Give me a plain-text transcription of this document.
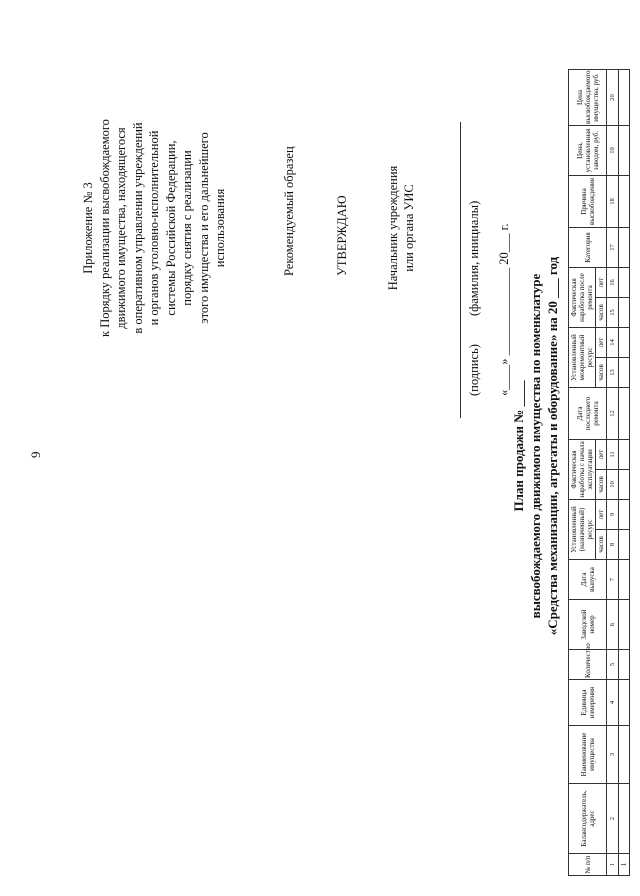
9
Приложение № 3 к Порядку реализации высвобождаемого движимого имущества, находящегося в оперативном управлении учреждений и органов уголовно-исполнительной системы Российской Федерации, порядку снятия с реализации этого имущества и его дальнейшего использования	Рекомендуемый образец	УТВЕРЖДАЮ	Начальник учреждения или органа УИС
(подпись)
(фамилия, инициалы) «____» ______________ 20___ г.
План продажи № ____ высвобождаемого движимого имущества по номенклатуре «Средства механизации, агрегаты и оборудование» на 20 ___ год
№ п/п	Балансодержатель, адрес	Наименование имущества	Единица измерения	Количество	Заводской номер	Дата выпуска	Установленный (назначенный) ресурс		Фактическая наработка с начала эксплуатации		Дата последнего ремонта	Установленный межремонтный ресурс		Фактическая наработка после ремонта		Категория	Причина высвобождения	Цена, установленная заводом, руб.	Цена высвобождаемого имущества, руб.
							часов	лет	часов	лет		часов	лет	часов	лет				
1	2	3	4	5	6	7	8	9	10	11	12	13	14	15	16	17	18	19	20
1																			
